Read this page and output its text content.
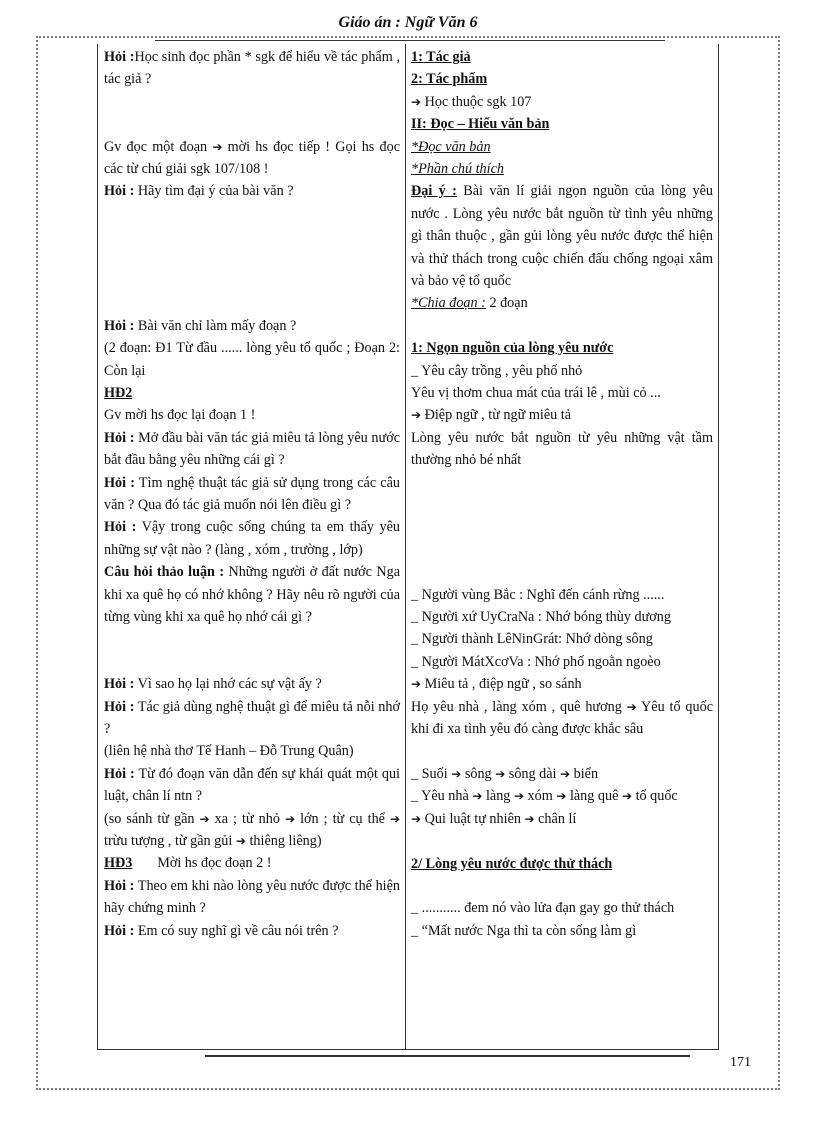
Giáo án : Ngữ Văn 6

Hỏi :Học sinh đọc phần * sgk để hiểu về tác phẩm , tác giả ?

Gv đọc một đoạn ➔ mời hs đọc tiếp ! Gọi hs đọc các từ chú giải sgk 107/108 !

Hỏi : Hãy tìm đại ý của bài văn ?

Hỏi : Bài văn chỉ làm mấy đoạn ?

(2 đoạn: Đ1 Từ đầu ...... lòng yêu tổ quốc ; Đoạn 2: Còn lại

HĐ2

Gv mời hs đọc lại đoạn 1 !

Hỏi : Mở đầu bài văn tác giả miêu tả lòng yêu nước bắt đầu bằng yêu những cái gì ?

Hỏi : Tìm nghệ thuật tác giả sử dụng trong các câu văn ? Qua đó tác giả muốn nói lên điều gì ?

Hỏi : Vậy trong cuộc sống chúng ta em thấy yêu những sự vật nào ? (làng , xóm , trường , lớp)

Câu hỏi thảo luận : Những người ở đất nước Nga khi xa quê họ có nhớ không ? Hãy nêu rõ người của từng vùng khi xa quê họ nhớ cái gì ?

Hỏi : Vì sao họ lại nhớ các sự vật ấy ?

Hỏi : Tác giả dùng nghệ thuật gì để miêu tả nỗi nhớ ?

(liên hệ nhà thơ Tế Hanh – Đỗ Trung Quân)

Hỏi : Từ đó đoạn văn dẫn đến sự khái quát một qui luật, chân lí ntn ?

(so sánh từ gần ➔ xa ; từ nhỏ ➔ lớn ; từ cụ thể ➔ trừu tượng , từ gần gủi ➔ thiêng liêng)

HĐ3 Mời hs đọc đoạn 2 !

Hỏi : Theo em khi nào lòng yêu nước được thể hiện hãy chứng minh ?

Hỏi : Em có suy nghĩ gì về câu nói trên ?

1: Tác giả

2: Tác phẩm

➔ Học thuộc sgk 107

II: Đọc – Hiểu văn bản

*Đọc văn bản

*Phần chú thích

Đại ý : Bài văn lí giải ngọn nguồn của lòng yêu nước . Lòng yêu nước bắt nguồn từ tình yêu những gì thân thuộc , gần gủi lòng yêu nước được thể hiện và thử thách trong cuộc chiến đấu chống ngoại xâm và bảo vệ tổ quốc

*Chia đoạn : 2 đoạn

1: Ngọn nguồn của lòng yêu nước

_ Yêu cây trồng , yêu phố nhỏ

Yêu vị thơm chua mát của trái lê , mùi cỏ ...

➔ Điệp ngữ , từ ngữ miêu tả

Lòng yêu nước bắt nguồn từ yêu những vật tầm thường nhỏ bé nhất

_ Người vùng Bắc : Nghĩ đến cánh rừng ......

_ Người xứ UyCraNa : Nhớ bóng thùy dương

_ Người thành LêNinGrát: Nhớ dòng sông

_ Người MátXcơVa : Nhớ phố ngoằn ngoèo

➔ Miêu tả , điệp ngữ , so sánh

Họ yêu nhà , làng xóm , quê hương ➔ Yêu tổ quốc khi đi xa tình yêu đó càng được khắc sâu

_ Suối ➔ sông ➔ sông dài ➔ biển

_ Yêu nhà ➔ làng ➔ xóm ➔ làng quê ➔ tổ quốc

➔ Qui luật tự nhiên ➔ chân lí

2/ Lòng yêu nước được thử thách

_ ........... đem nó vào lửa đạn gay go thử thách

_ “Mất nước Nga thì ta còn sống làm gì

171
